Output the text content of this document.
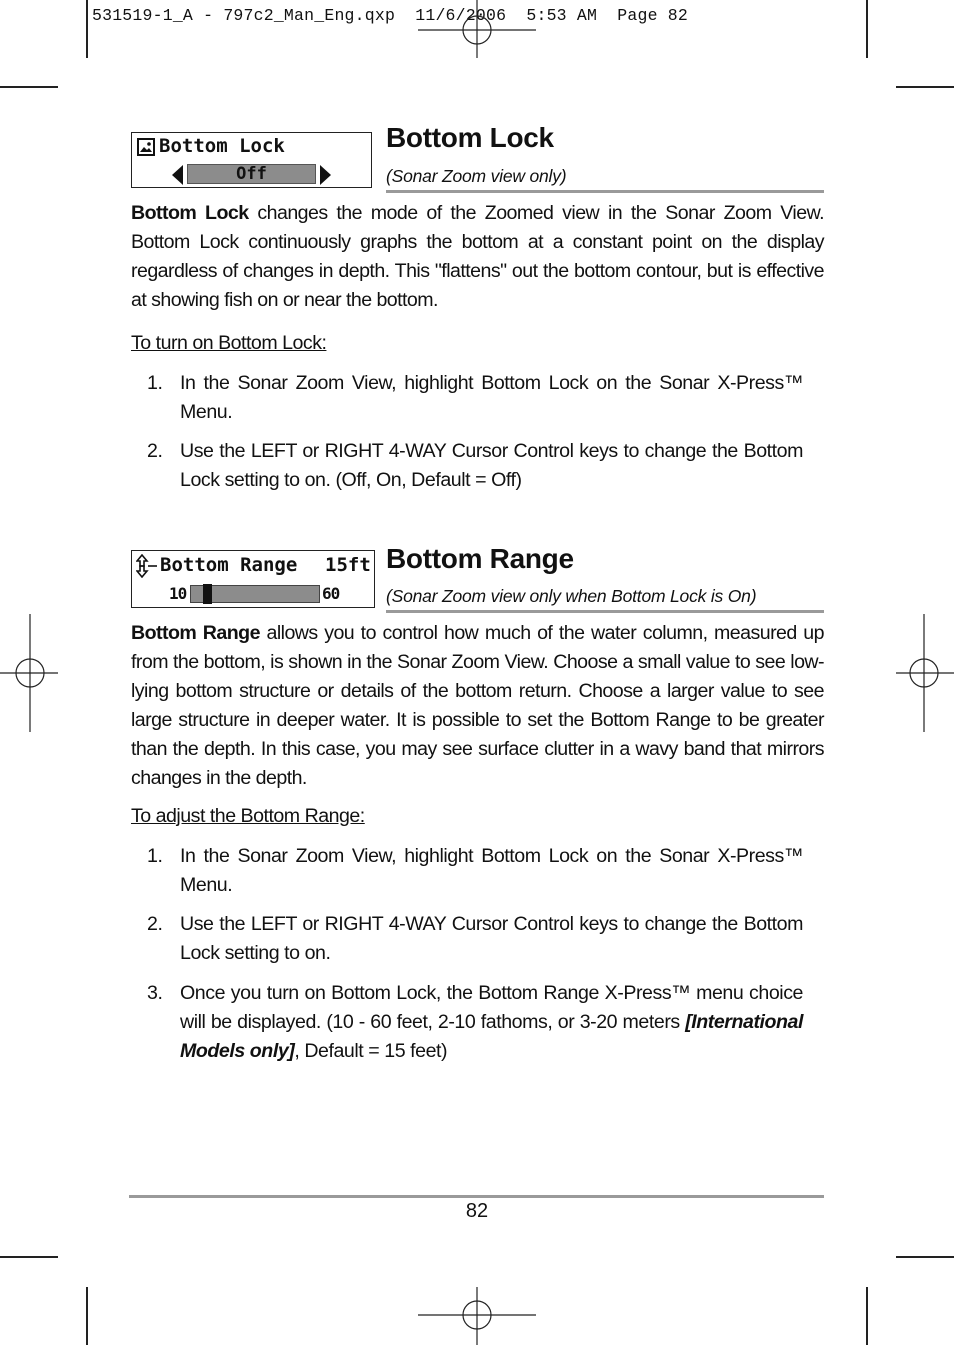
531519-1_A - 797c2_Man_Eng.qxp  11/6/2006  5:53 AM  Page 82
Bottom Lock
Off
Bottom Lock
(Sonar Zoom view only)

Bottom Lock changes the mode of the Zoomed view in the Sonar Zoom View. Bottom Lock continuously graphs the bottom at a constant point on the display regardless of changes in depth. This "flattens" out the bottom contour, but is effective at showing fish on or near the bottom.

To turn on Bottom Lock:
1. In the Sonar Zoom View, highlight Bottom Lock on the Sonar X-Press™ Menu.
2. Use the LEFT or RIGHT 4-WAY Cursor Control keys to change the Bottom Lock setting to on. (Off, On, Default = Off)
Bottom Range 15ft
10	60
Bottom Range
(Sonar Zoom view only when Bottom Lock is On)

Bottom Range allows you to control how much of the water column, measured up from the bottom, is shown in the Sonar Zoom View. Choose a small value to see low-lying bottom structure or details of the bottom return. Choose a larger value to see large structure in deeper water. It is possible to set the Bottom Range to be greater than the depth. In this case, you may see surface clutter in a wavy band that mirrors changes in the depth.

To adjust the Bottom Range:
1. In the Sonar Zoom View, highlight Bottom Lock on the Sonar X-Press™ Menu.
2. Use the LEFT or RIGHT 4-WAY Cursor Control keys to change the Bottom Lock setting to on.
3. Once you turn on Bottom Lock, the Bottom Range X-Press™ menu choice will be displayed. (10 - 60 feet, 2-10 fathoms, or 3-20 meters [International Models only], Default = 15 feet)
82
